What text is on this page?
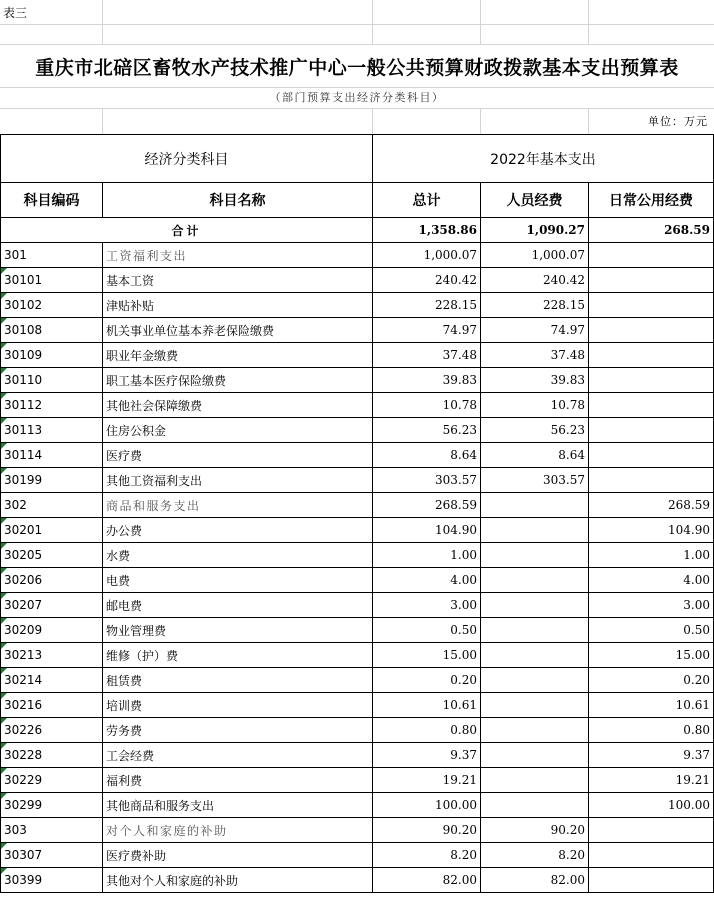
表三
重庆市北碚区畜牧水产技术推广中心一般公共预算财政拨款基本支出预算表
（部门预算支出经济分类科目）
单位：万元
经济分类科目		2022年基本支出		
科目编码	科目名称	总计	人员经费	日常公用经费
合计		1,358.86	1,090.27	268.59
301	工资福利支出	1,000.07	1,000.07	
30101	基本工资	240.42	240.42	
30102	津贴补贴	228.15	228.15	
30108	机关事业单位基本养老保险缴费	74.97	74.97	
30109	职业年金缴费	37.48	37.48	
30110	职工基本医疗保险缴费	39.83	39.83	
30112	其他社会保障缴费	10.78	10.78	
30113	住房公积金	56.23	56.23	
30114	医疗费	8.64	8.64	
30199	其他工资福利支出	303.57	303.57	
302	商品和服务支出	268.59		268.59
30201	办公费	104.90		104.90
30205	水费	1.00		1.00
30206	电费	4.00		4.00
30207	邮电费	3.00		3.00
30209	物业管理费	0.50		0.50
30213	维修（护）费	15.00		15.00
30214	租赁费	0.20		0.20
30216	培训费	10.61		10.61
30226	劳务费	0.80		0.80
30228	工会经费	9.37		9.37
30229	福利费	19.21		19.21
30299	其他商品和服务支出	100.00		100.00
303	对个人和家庭的补助	90.20	90.20	
30307	医疗费补助	8.20	8.20	
30399	其他对个人和家庭的补助	82.00	82.00	
